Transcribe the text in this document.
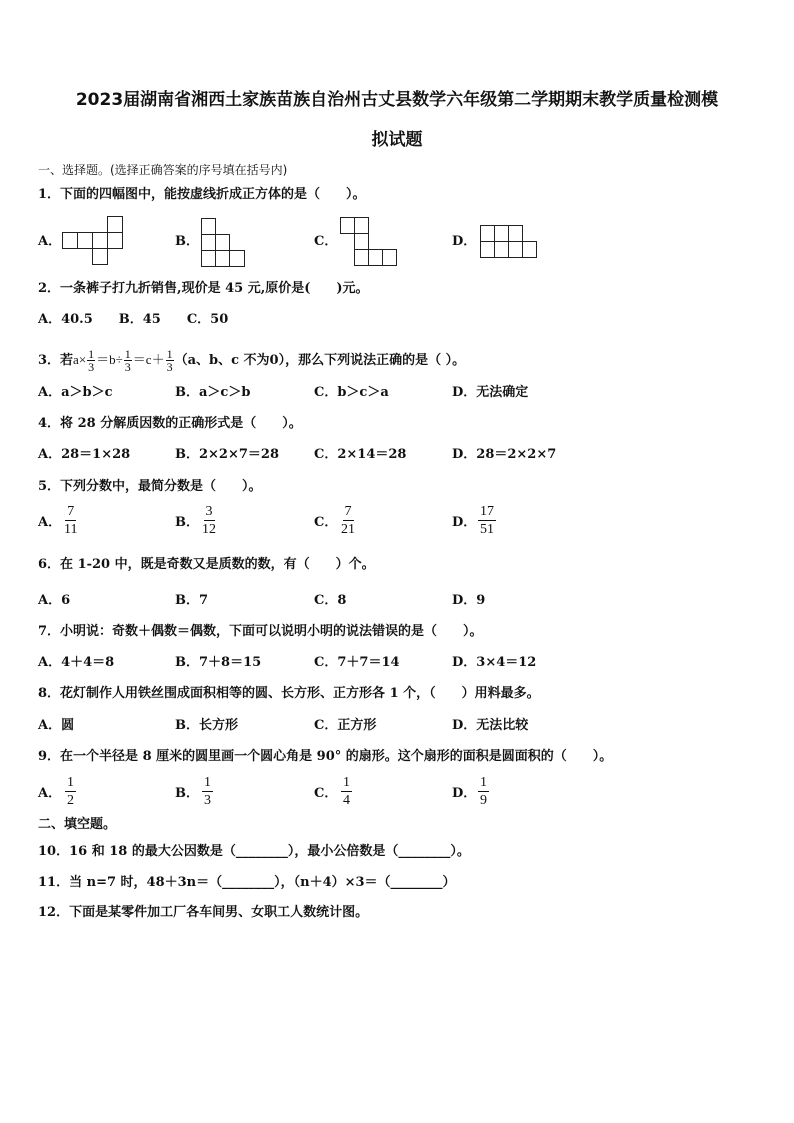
2023届湖南省湘西土家族苗族自治州古丈县数学六年级第二学期期末教学质量检测模
拟试题
一、选择题。(选择正确答案的序号填在括号内)
1．下面的四幅图中，能按虚线折成正方体的是（　　）。
A．	B．	C．	D．
2．一条裤子打九折销售,现价是 45 元,原价是(　　)元。
A．40.5　　B．45　　C．50
3．若$a\times \frac{1}{3} =b\div \frac{1}{3} =c+ \frac{1}{3} (a$、b、c 不为0），那么下列说法正确的是（ ）。
A．a＞b＞c	B．a＞c＞b	C．b＞c＞a	D．无法确定
4．将 28 分解质因数的正确形式是（　　）。
A．28＝1×28	B．2×2×7＝28	C．2×14＝28	D．28＝2×2×7
5．下列分数中，最简分数是（　　）。
A． $\frac{7}{11}$	B． $\frac{3}{12}$	C． $\frac{7}{21}$	D． $\frac{17}{51}$
6．在 1-20 中，既是奇数又是质数的数，有（　　）个。
A．6	B．7	C．8	D．9
7．小明说：奇数＋偶数＝偶数，下面可以说明小明的说法错误的是（　　）。
A．4＋4＝8	B．7＋8＝15	C．7＋7＝14	D．3×4＝12
8．花灯制作人用铁丝围成面积相等的圆、长方形、正方形各 1 个，（　　）用料最多。
A．圆	B．长方形	C．正方形	D．无法比较
9．在一个半径是 8 厘米的圆里画一个圆心角是 90° 的扇形。这个扇形的面积是圆面积的（　　）。
A． $\frac{1}{2}$	B． $\frac{1}{3}$	C． $\frac{1}{4}$	D． $\frac{1}{9}$
二、填空题。
10．16 和 18 的最大公因数是（________），最小公倍数是（________）。
11．当 n=7 时，48＋3n＝（________），（n＋4）×3＝（________）
12．下面是某零件加工厂各车间男、女职工人数统计图。
